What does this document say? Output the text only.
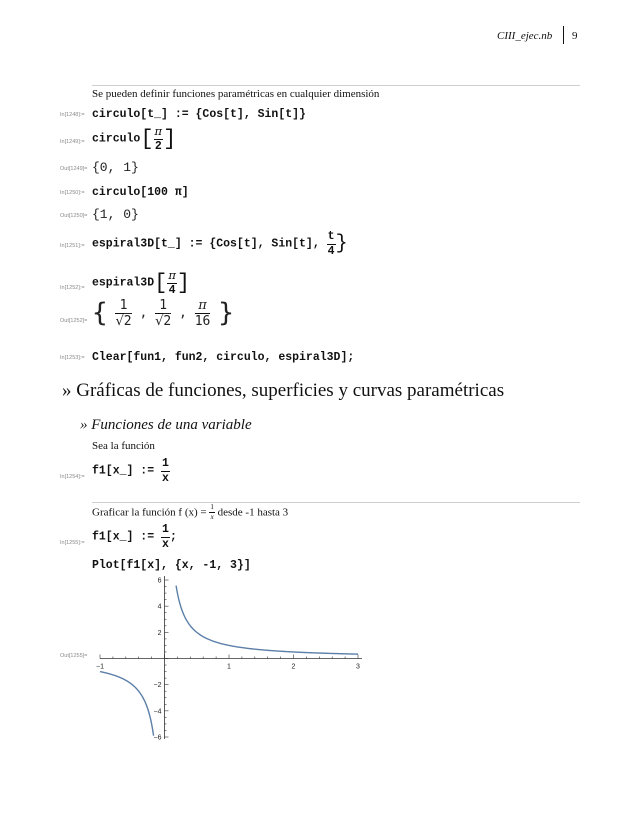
CIII_ejec.nb 9
Se pueden definir funciones paramétricas en cualquier dimensión
In[1248]:= circulo[t_] := {Cos[t], Sin[t]}
In[1249]:= circulo[ $\frac{\pi}{2}$ ]
Out[1249]= {0, 1}
In[1250]:= circulo[100 π]
Out[1250]= {1, 0}
In[1251]:= espiral3D[t_] := {Cos[t], Sin[t], $\frac{t}{4}$ }
In[1252]:= espiral3D[ $\frac{\pi}{4}$ ]
Out[1252]= { $\frac{1}{√2}$ , $\frac{1}{√2}$ , $\frac{\pi}{16}$ }
In[1253]:= Clear[fun1, fun2, circulo, espiral3D];
» Gráficas de funciones, superficies y curvas paramétricas
» Funciones de una variable
Sea la función
In[1254]:= f1[x_] := $\frac{1}{x}$
Graficar la función f $(x) = \frac{1}{x}$ desde -1 hasta 3
In[1255]:= f1[x_] := $\frac{1}{x}$ ;
Plot[f1[x], {x, -1, 3}]
Out[1255]=
−1	1	2	3
−6
−4
−2
2
4
6
